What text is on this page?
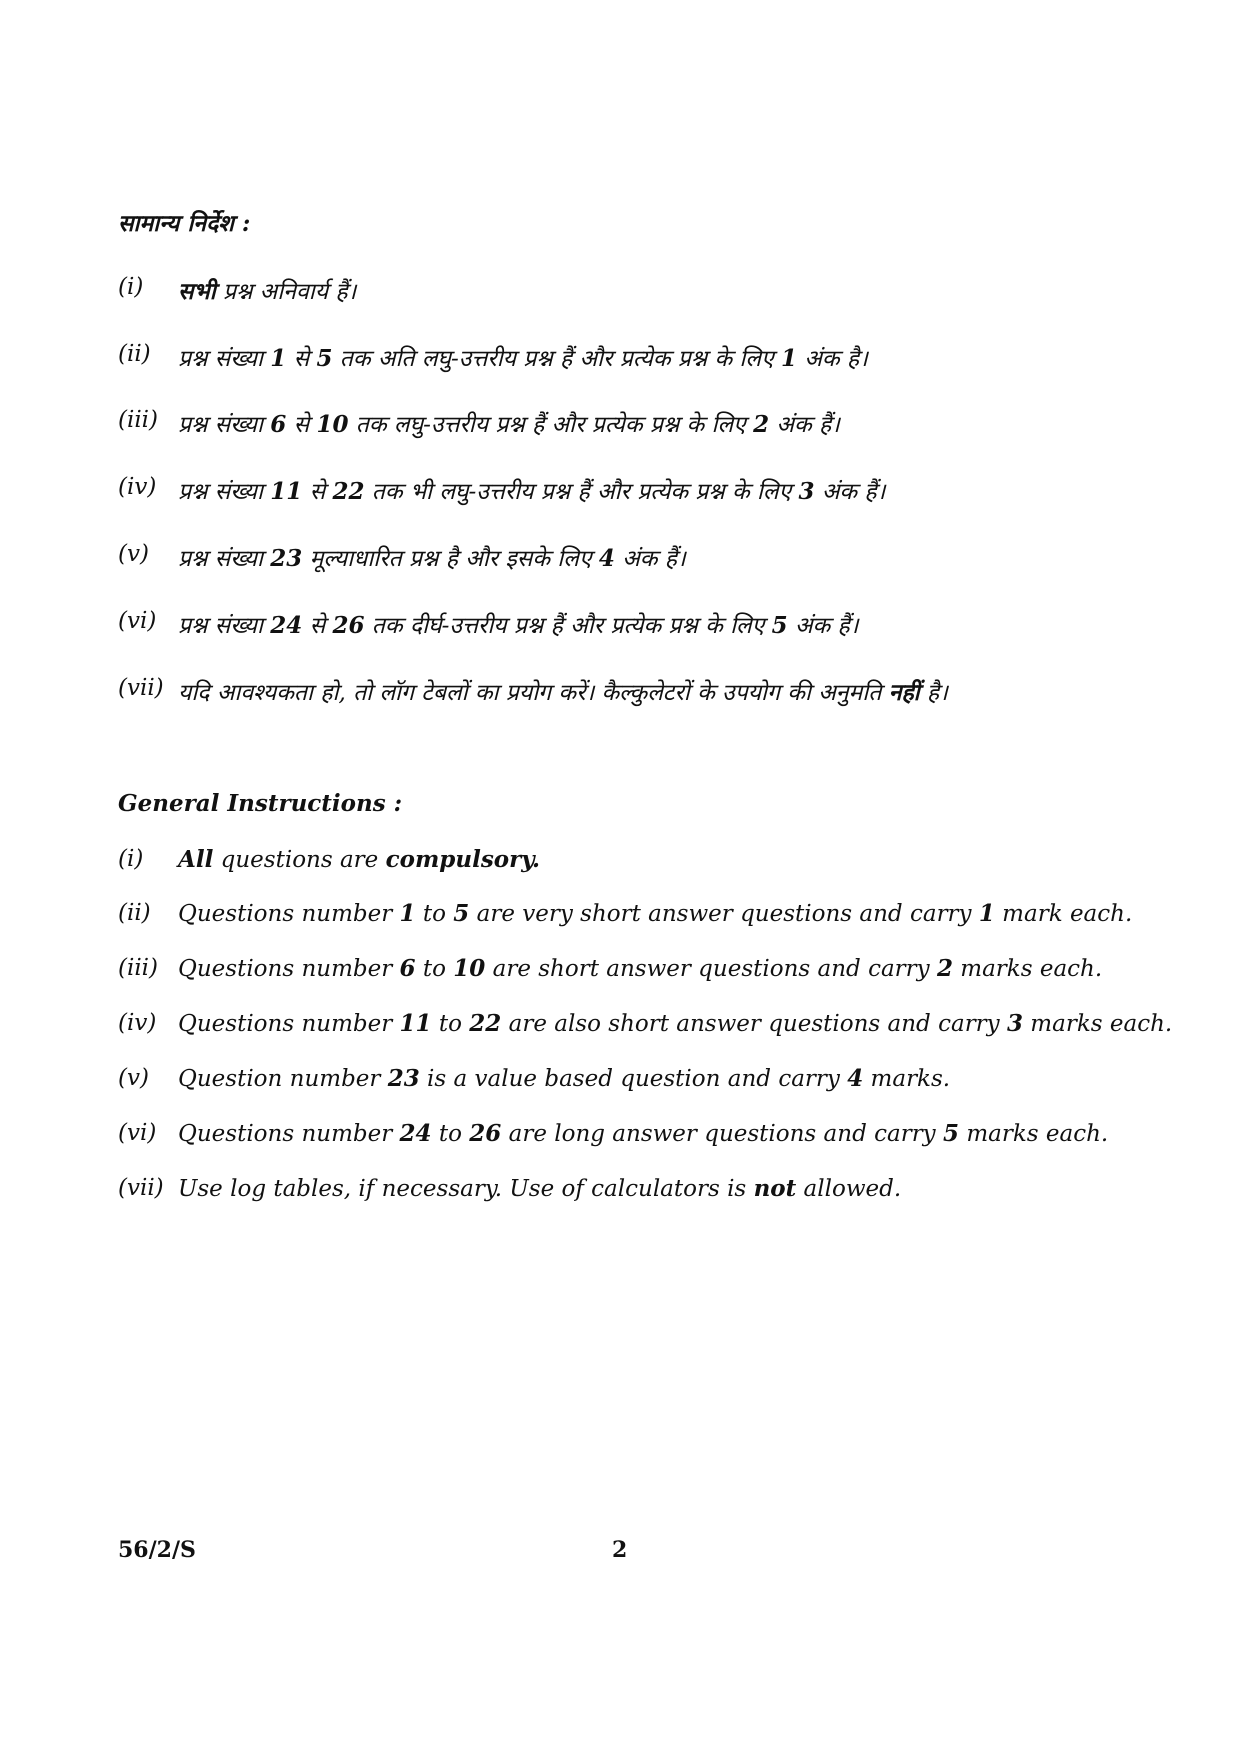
सामान्य निर्देश :
(i) सभी प्रश्न अनिवार्य हैं।
(ii) प्रश्न संख्या 1 से 5 तक अति लघु-उत्तरीय प्रश्न हैं और प्रत्येक प्रश्न के लिए 1 अंक है।
(iii) प्रश्न संख्या 6 से 10 तक लघु-उत्तरीय प्रश्न हैं और प्रत्येक प्रश्न के लिए 2 अंक हैं।
(iv) प्रश्न संख्या 11 से 22 तक भी लघु-उत्तरीय प्रश्न हैं और प्रत्येक प्रश्न के लिए 3 अंक हैं।
(v) प्रश्न संख्या 23 मूल्याधारित प्रश्न है और इसके लिए 4 अंक हैं।
(vi) प्रश्न संख्या 24 से 26 तक दीर्घ-उत्तरीय प्रश्न हैं और प्रत्येक प्रश्न के लिए 5 अंक हैं।
(vii) यदि आवश्यकता हो, तो लॉग टेबलों का प्रयोग करें। कैल्कुलेटरों के उपयोग की अनुमति नहीं है।
General Instructions :
(i) All questions are compulsory.
(ii) Questions number 1 to 5 are very short answer questions and carry 1 mark each.
(iii) Questions number 6 to 10 are short answer questions and carry 2 marks each.
(iv) Questions number 11 to 22 are also short answer questions and carry 3 marks each.
(v) Question number 23 is a value based question and carry 4 marks.
(vi) Questions number 24 to 26 are long answer questions and carry 5 marks each.
(vii) Use log tables, if necessary. Use of calculators is not allowed.
56/2/S	2
